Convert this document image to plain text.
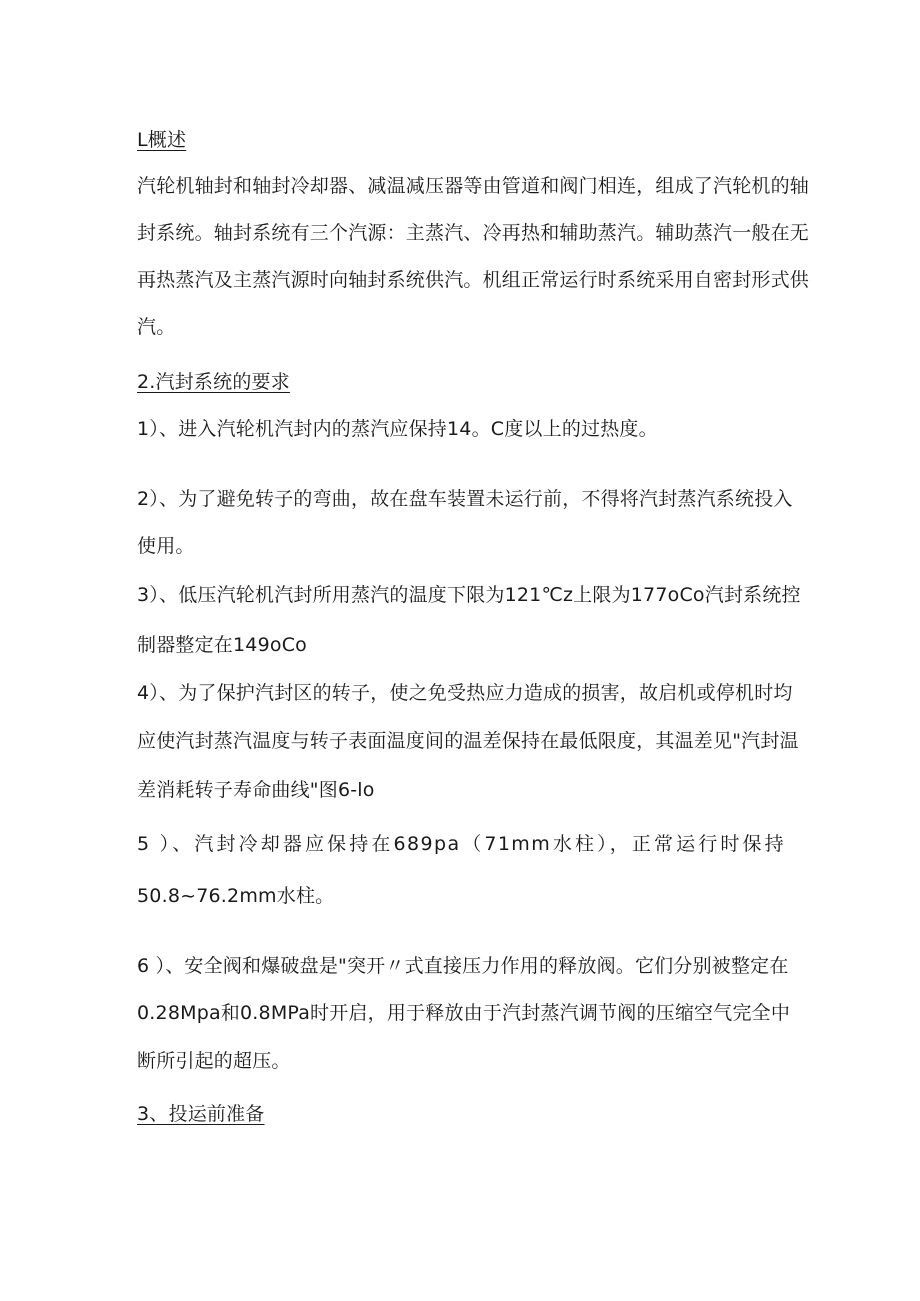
L概述
汽轮机轴封和轴封冷却器、减温减压器等由管道和阀门相连，组成了汽轮机的轴
封系统。轴封系统有三个汽源：主蒸汽、冷再热和辅助蒸汽。辅助蒸汽一般在无
再热蒸汽及主蒸汽源时向轴封系统供汽。机组正常运行时系统采用自密封形式供
汽。
2.汽封系统的要求
1）、进入汽轮机汽封内的蒸汽应保持14。C度以上的过热度。
2）、为了避免转子的弯曲，故在盘车装置未运行前，不得将汽封蒸汽系统投入
使用。
3）、低压汽轮机汽封所用蒸汽的温度下限为121℃z上限为177oCo汽封系统控
制器整定在149oCo
4）、为了保护汽封区的转子，使之免受热应力造成的损害，故启机或停机时均
应使汽封蒸汽温度与转子表面温度间的温差保持在最低限度，其温差见"汽封温
差消耗转子寿命曲线"图6-lo
5 ）、汽封冷却器应保持在689pa（71mm水柱），正常运行时保持
50.8~76.2mm水柱。
6 ）、安全阀和爆破盘是"突开〃式直接压力作用的释放阀。它们分别被整定在
0.28Mpa和0.8MPa时开启，用于释放由于汽封蒸汽调节阀的压缩空气完全中
断所引起的超压。
3、投运前准备
